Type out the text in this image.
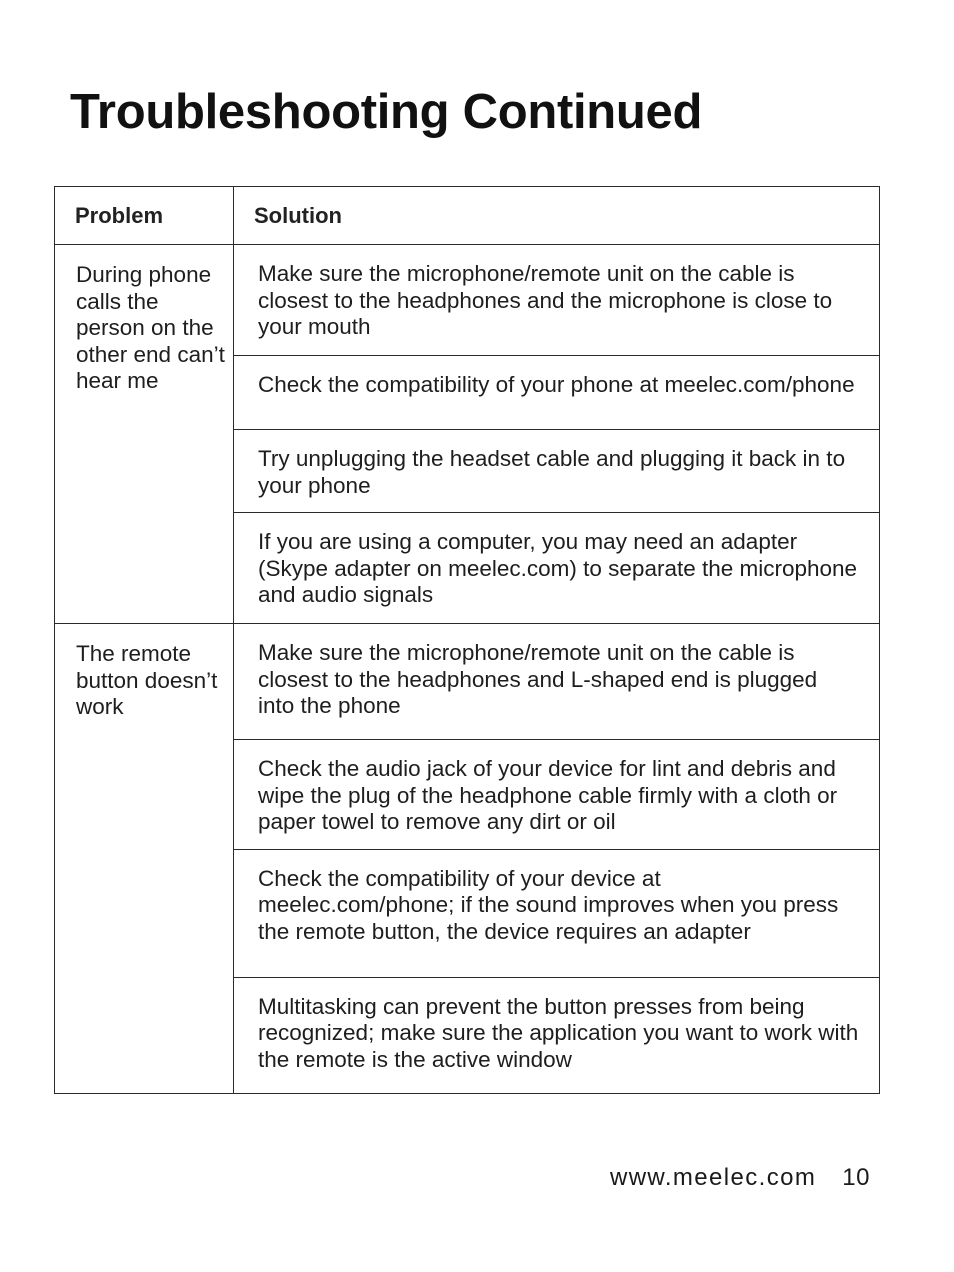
Troubleshooting Continued
Problem	Solution
During phone calls the person on the other end can’t hear me	Make sure the microphone/remote unit on the cable is closest to the headphones and the microphone is close to your mouth
	Check the compatibility of your phone at meelec.com/phone
	Try unplugging the headset cable and plugging it back in to your phone
	If you are using a computer, you may need an adapter (Skype adapter on meelec.com) to separate the microphone and audio signals
The remote button doesn’t work	Make sure the microphone/remote unit on the cable is closest to the headphones and L-shaped end is plugged into the phone
	Check the audio jack of your device for lint and debris and wipe the plug of the headphone cable firmly with a cloth or paper towel to remove any dirt or oil
	Check the compatibility of your device at meelec.com/phone; if the sound improves when you press the remote button, the device requires an adapter
	Multitasking can prevent the button presses from being recognized; make sure the application you want to work with the remote is the active window
www.meelec.com 10
